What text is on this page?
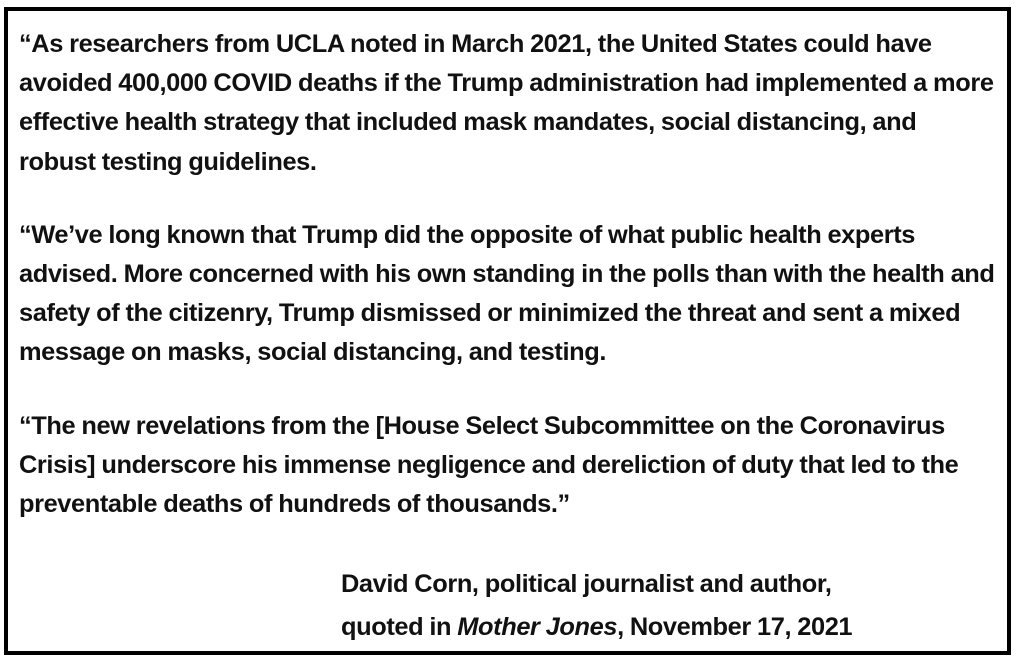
“As researchers from UCLA noted in March 2021, the United States could have avoided 400,000 COVID deaths if the Trump administration had implemented a more effective health strategy that included mask mandates, social distancing, and robust testing guidelines.

“We’ve long known that Trump did the opposite of what public health experts advised. More concerned with his own standing in the polls than with the health and safety of the citizenry, Trump dismissed or minimized the threat and sent a mixed message on masks, social distancing, and testing.

“The new revelations from the [House Select Subcommittee on the Coronavirus Crisis] underscore his immense negligence and dereliction of duty that led to the preventable deaths of hundreds of thousands.”

David Corn, political journalist and author,
quoted in Mother Jones, November 17, 2021
